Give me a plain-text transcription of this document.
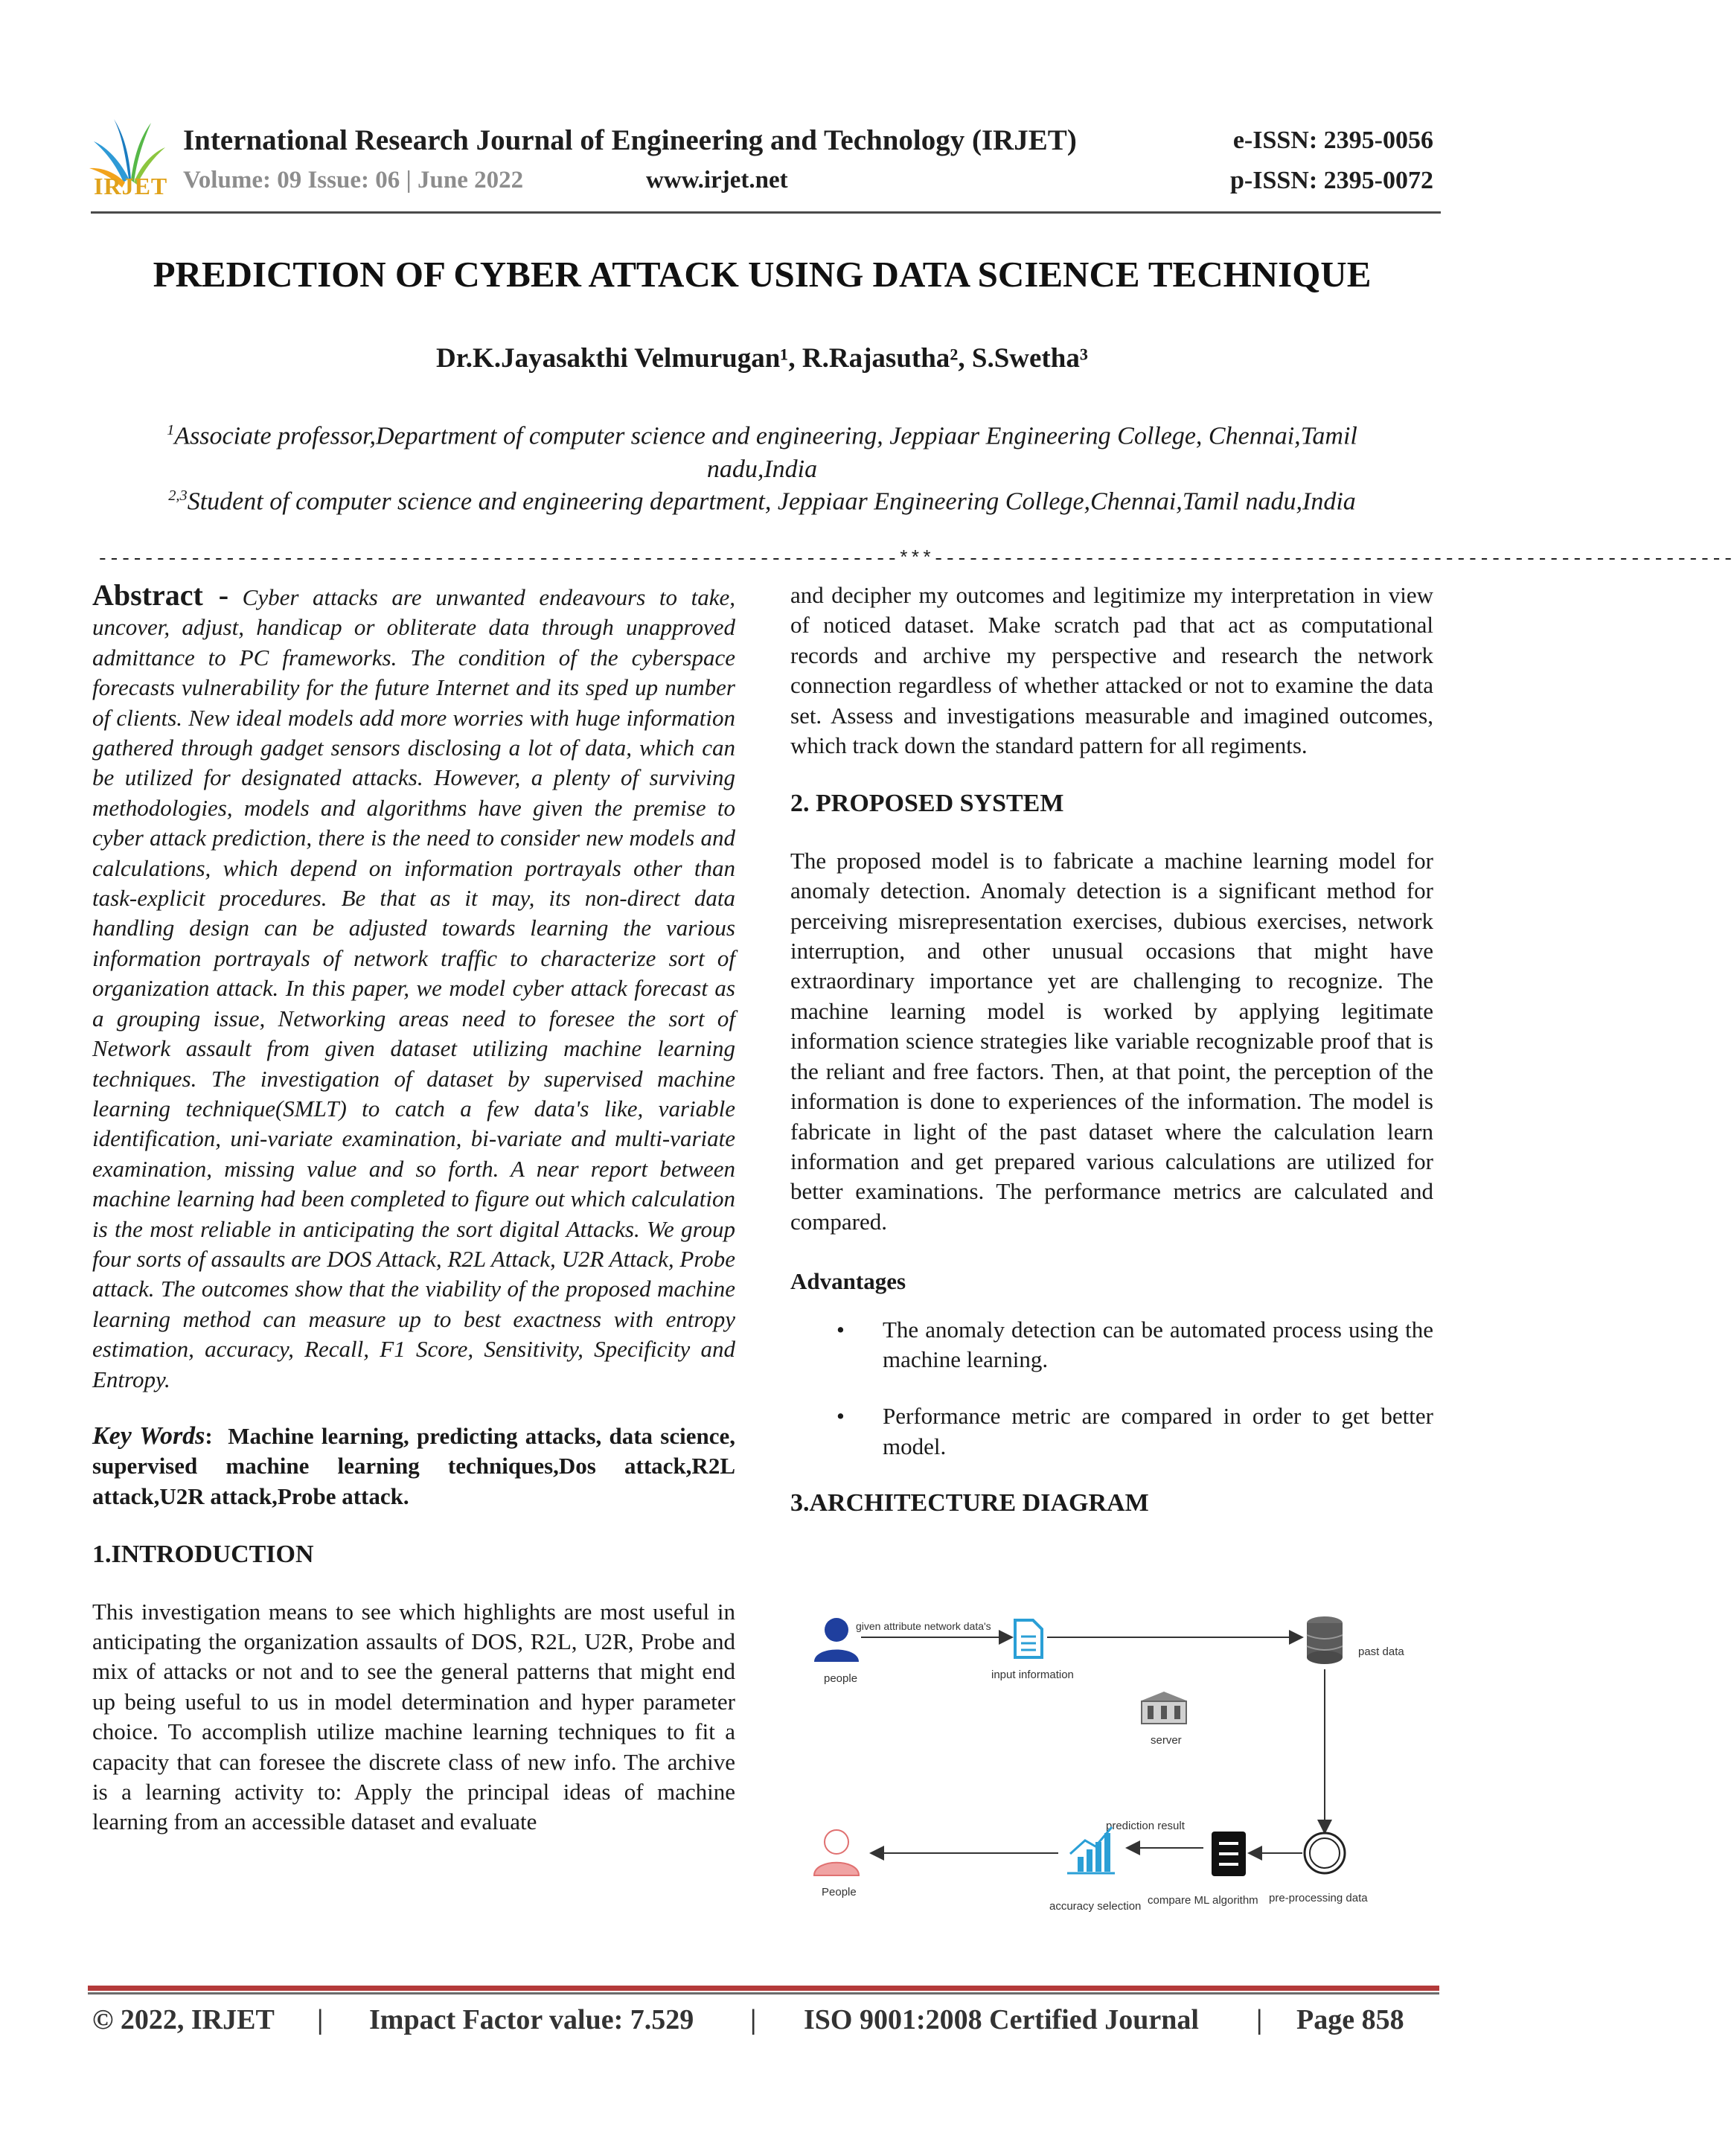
IRJET
International Research Journal of Engineering and Technology (IRJET)
Volume: 09 Issue: 06 | June 2022	www.irjet.net
e-ISSN: 2395-0056
p-ISSN: 2395-0072
PREDICTION OF CYBER ATTACK USING DATA SCIENCE TECHNIQUE
Dr.K.Jayasakthi Velmurugan¹, R.Rajasutha², S.Swetha³
$^1$Associate professor,Department of computer science and engineering, Jeppiaar Engineering College, Chennai,Tamil nadu,India
$^{2,3}$Student of computer science and engineering department, Jeppiaar Engineering College,Chennai,Tamil nadu,India
---------------------------------------------------------------------***---------------------------------------------------------------------

Abstract - Cyber attacks are unwanted endeavours to take, uncover, adjust, handicap or obliterate data through unapproved admittance to PC frameworks. The condition of the cyberspace forecasts vulnerability for the future Internet and its sped up number of clients. New ideal models add more worries with huge information gathered through gadget sensors disclosing a lot of data, which can be utilized for designated attacks. However, a plenty of surviving methodologies, models and algorithms have given the premise to cyber attack prediction, there is the need to consider new models and calculations, which depend on information portrayals other than task-explicit procedures. Be that as it may, its non-direct data handling design can be adjusted towards learning the various information portrayals of network traffic to characterize sort of organization attack. In this paper, we model cyber attack forecast as a grouping issue, Networking areas need to foresee the sort of Network assault from given dataset utilizing machine learning techniques. The investigation of dataset by supervised machine learning technique(SMLT) to catch a few data's like, variable identification, uni-variate examination, bi-variate and multi-variate examination, missing value and so forth. A near report between machine learning had been completed to figure out which calculation is the most reliable in anticipating the sort digital Attacks. We group four sorts of assaults are DOS Attack, R2L Attack, U2R Attack, Probe attack. The outcomes show that the viability of the proposed machine learning method can measure up to best exactness with entropy estimation, accuracy, Recall, F1 Score, Sensitivity, Specificity and Entropy.

Key Words: Machine learning, predicting attacks, data science, supervised machine learning techniques,Dos attack,R2L attack,U2R attack,Probe attack.

1.INTRODUCTION

This investigation means to see which highlights are most useful in anticipating the organization assaults of DOS, R2L, U2R, Probe and mix of attacks or not and to see the general patterns that might end up being useful to us in model determination and hyper parameter choice. To accomplish utilize machine learning techniques to fit a capacity that can foresee the discrete class of new info. The archive is a learning activity to: Apply the principal ideas of machine learning from an accessible dataset and evaluate

and decipher my outcomes and legitimize my interpretation in view of noticed dataset. Make scratch pad that act as computational records and archive my perspective and research the network connection regardless of whether attacked or not to examine the data set. Assess and investigations measurable and imagined outcomes, which track down the standard pattern for all regiments.

2. PROPOSED SYSTEM

The proposed model is to fabricate a machine learning model for anomaly detection. Anomaly detection is a significant method for perceiving misrepresentation exercises, dubious exercises, network interruption, and other unusual occasions that might have extraordinary importance yet are challenging to recognize. The machine learning model is worked by applying legitimate information science strategies like variable recognizable proof that is the reliant and free factors. Then, at that point, the perception of the information is done to experiences of the information. The model is fabricate in light of the past dataset where the calculation learn information and get prepared various calculations are utilized for better examinations. The performance metrics are calculated and compared.

Advantages
• The anomaly detection can be automated process using the machine learning.
• Performance metric are compared in order to get better model.
3.ARCHITECTURE DIAGRAM
people
given attribute network data's
input information
past data
server
pre-processing data
compare ML algorithm
prediction result
accuracy selection
People
© 2022, IRJET | Impact Factor value: 7.529 | ISO 9001:2008 Certified Journal | Page 858
